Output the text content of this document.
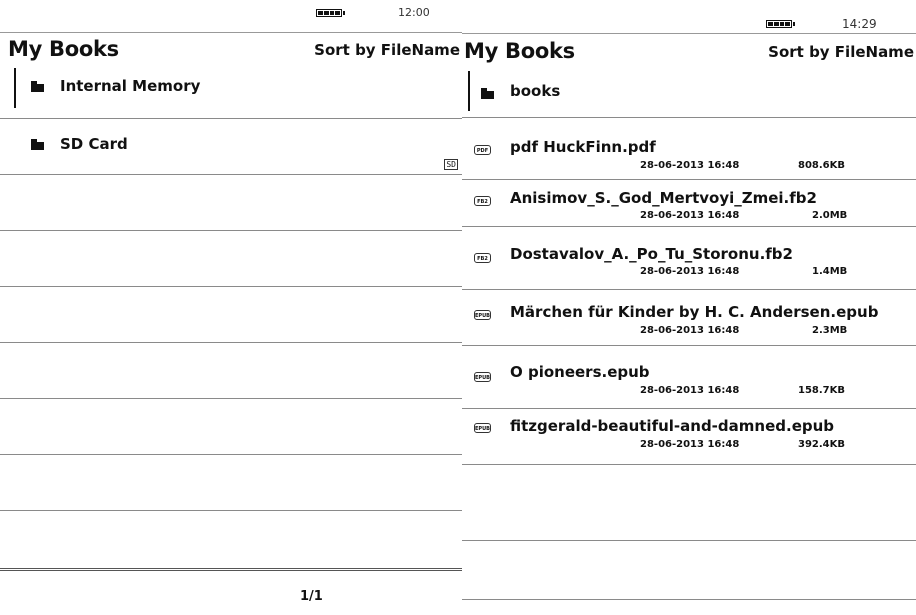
12:00
My Books	Sort by FileName
Internal Memory
SD Card
SD
1/1
14:29
My Books	Sort by FileName
books
PDF pdf HuckFinn.pdf
28-06-2013 16:48	808.6KB
FB2 Anisimov_S._God_Mertvoyi_Zmei.fb2
28-06-2013 16:48	2.0MB
FB2 Dostavalov_A._Po_Tu_Storonu.fb2
28-06-2013 16:48	1.4MB
EPUB Märchen für Kinder by H. C. Andersen.epub
28-06-2013 16:48	2.3MB
EPUB O pioneers.epub
28-06-2013 16:48	158.7KB
EPUB fitzgerald-beautiful-and-damned.epub
28-06-2013 16:48	392.4KB
